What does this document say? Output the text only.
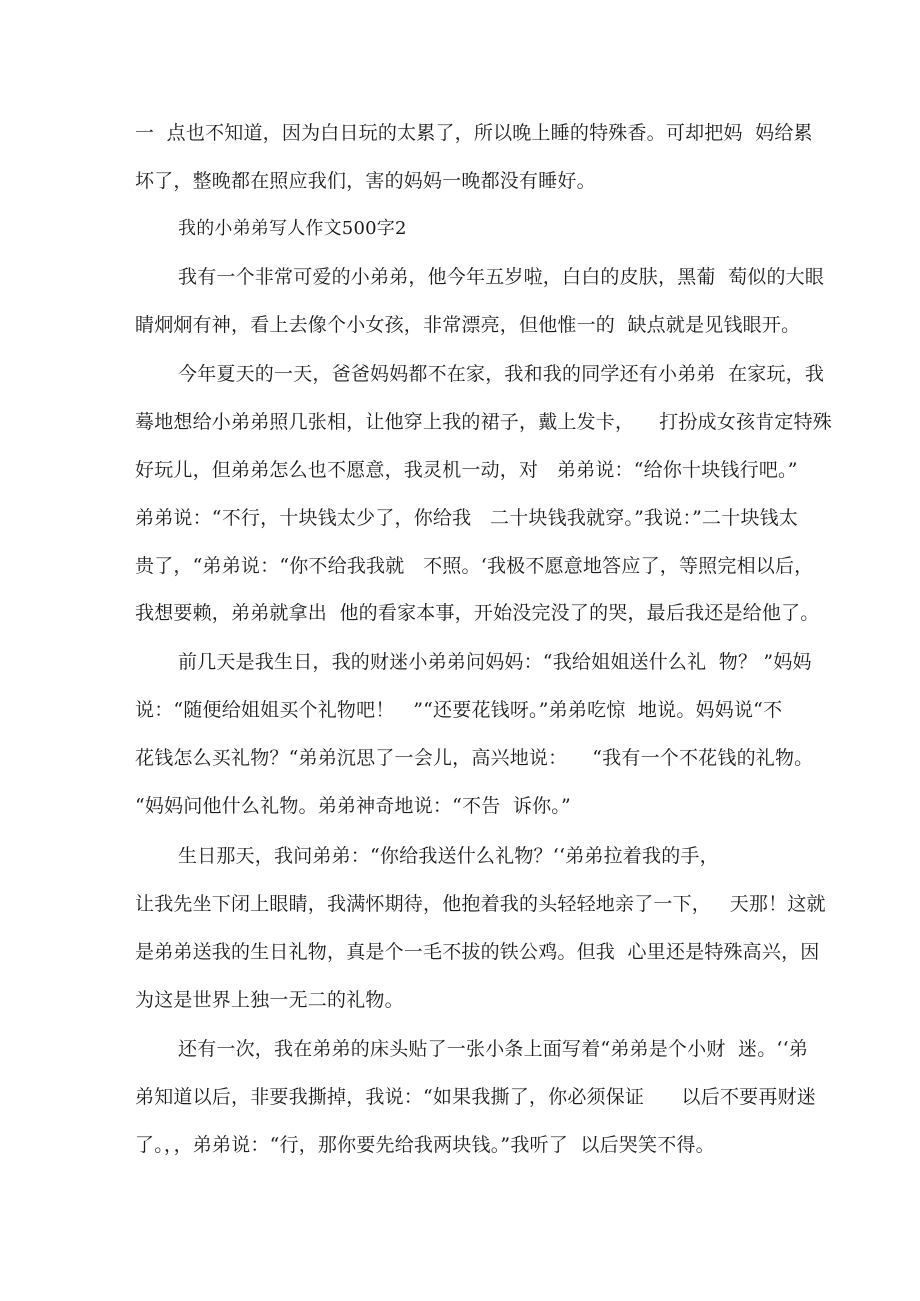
一  点也不知道，因为白日玩的太累了，所以晚上睡的特殊香。可却把妈  妈给累
坏了，整晚都在照应我们，害的妈妈一晚都没有睡好。
我的小弟弟写人作文500字2
我有一个非常可爱的小弟弟，他今年五岁啦，白白的皮肤，黑葡  萄似的大眼
睛炯炯有神，看上去像个小女孩，非常漂亮，但他惟一的  缺点就是见钱眼开。
今年夏天的一天，爸爸妈妈都不在家，我和我的同学还有小弟弟  在家玩，我
蓦地想给小弟弟照几张相，让他穿上我的裙子，戴上发卡，    打扮成女孩肯定特殊
好玩儿，但弟弟怎么也不愿意，我灵机一动，对   弟弟说：“给你十块钱行吧。”
弟弟说：“不行，十块钱太少了，你给我   二十块钱我就穿。”我说：”二十块钱太
贵了，“弟弟说：“你不给我我就   不照。‘我极不愿意地答应了，等照完相以后，
我想要赖，弟弟就拿出  他的看家本事，开始没完没了的哭，最后我还是给他了。
前几天是我生日，我的财迷小弟弟问妈妈：“我给姐姐送什么礼  物？ ”妈妈
说：“随便给姐姐买个礼物吧！   ”“还要花钱呀。”弟弟吃惊  地说。妈妈说“不
花钱怎么买礼物？“弟弟沉思了一会儿，高兴地说：    “我有一个不花钱的礼物。
“妈妈问他什么礼物。弟弟神奇地说：“不告  诉你。”
生日那天，我问弟弟：“你给我送什么礼物？‘‘弟弟拉着我的手，
让我先坐下闭上眼睛，我满怀期待，他抱着我的头轻轻地亲了一下，   天那！这就
是弟弟送我的生日礼物，真是个一毛不拔的铁公鸡。但我  心里还是特殊高兴，因
为这是世界上独一无二的礼物。
还有一次，我在弟弟的床头贴了一张小条上面写着“弟弟是个小财  迷。‘‘弟
弟知道以后，非要我撕掉，我说：“如果我撕了，你必须保证      以后不要再财迷
了。，，弟弟说：“行，那你要先给我两块钱。”我听了  以后哭笑不得。
